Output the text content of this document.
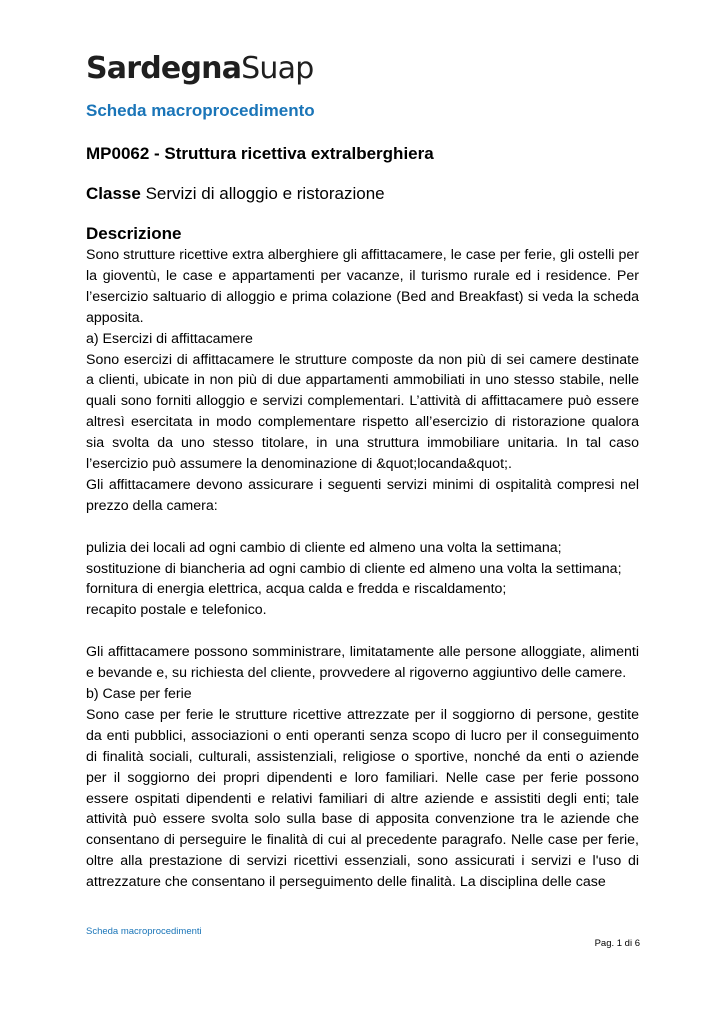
SardegnaSuap
Scheda macroprocedimento
MP0062 - Struttura ricettiva extralberghiera
Classe Servizi di alloggio e ristorazione
Descrizione

Sono strutture ricettive extra alberghiere gli affittacamere, le case per ferie, gli ostelli per la gioventù, le case e appartamenti per vacanze, il turismo rurale ed i residence. Per l’esercizio saltuario di alloggio e prima colazione (Bed and Breakfast) si veda la scheda apposita.

a) Esercizi di affittacamere

Sono esercizi di affittacamere le strutture composte da non più di sei camere destinate a clienti, ubicate in non più di due appartamenti ammobiliati in uno stesso stabile, nelle quali sono forniti alloggio e servizi complementari. L’attività di affittacamere può essere altresì esercitata in modo complementare rispetto all’esercizio di ristorazione qualora sia svolta da uno stesso titolare, in una struttura immobiliare unitaria. In tal caso l’esercizio può assumere la denominazione di &quot;locanda&quot;.

Gli affittacamere devono assicurare i seguenti servizi minimi di ospitalità compresi nel prezzo della camera:

pulizia dei locali ad ogni cambio di cliente ed almeno una volta la settimana;

sostituzione di biancheria ad ogni cambio di cliente ed almeno una volta la settimana;

fornitura di energia elettrica, acqua calda e fredda e riscaldamento;

recapito postale e telefonico.

Gli affittacamere possono somministrare, limitatamente alle persone alloggiate, alimenti e bevande e, su richiesta del cliente, provvedere al rigoverno aggiuntivo delle camere.

b) Case per ferie

Sono case per ferie le strutture ricettive attrezzate per il soggiorno di persone, gestite da enti pubblici, associazioni o enti operanti senza scopo di lucro per il conseguimento di finalità sociali, culturali, assistenziali, religiose o sportive, nonché da enti o aziende per il soggiorno dei propri dipendenti e loro familiari. Nelle case per ferie possono essere ospitati dipendenti e relativi familiari di altre aziende e assistiti degli enti; tale attività può essere svolta solo sulla base di apposita convenzione tra le aziende che consentano di perseguire le finalità di cui al precedente paragrafo. Nelle case per ferie, oltre alla prestazione di servizi ricettivi essenziali, sono assicurati i servizi e l'uso di attrezzature che consentano il perseguimento delle finalità. La disciplina delle case

Scheda macroprocedimenti
Pag. 1 di 6
